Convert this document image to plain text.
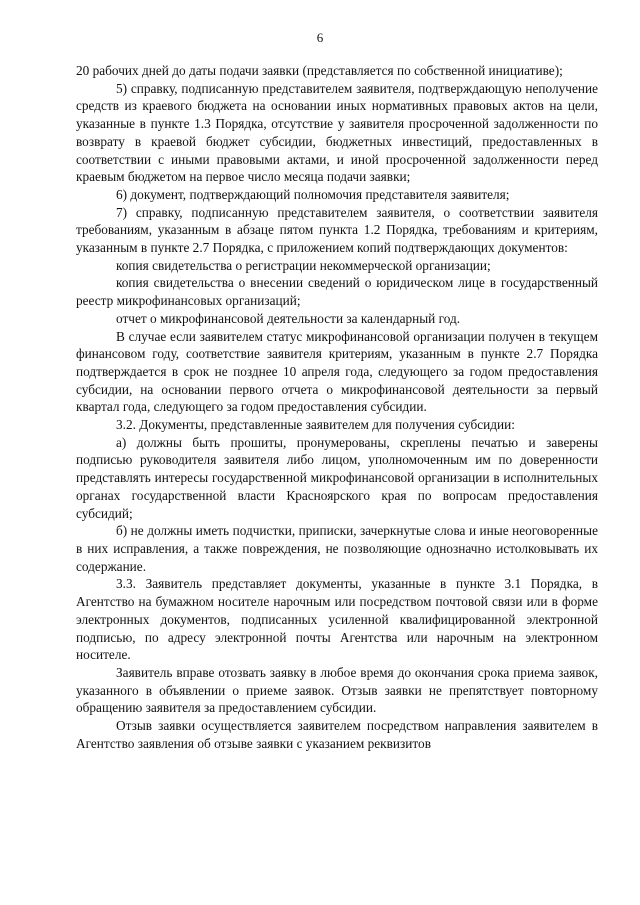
6

20 рабочих дней до даты подачи заявки (представляется по собственной инициативе);

5) справку, подписанную представителем заявителя, подтверждающую неполучение средств из краевого бюджета на основании иных нормативных правовых актов на цели, указанные в пункте 1.3 Порядка, отсутствие у заявителя просроченной задолженности по возврату в краевой бюджет субсидии, бюджетных инвестиций, предоставленных в соответствии с иными правовыми актами, и иной просроченной задолженности перед краевым бюджетом на первое число месяца подачи заявки;

6) документ, подтверждающий полномочия представителя заявителя;

7) справку, подписанную представителем заявителя, о соответствии заявителя требованиям, указанным в абзаце пятом пункта 1.2 Порядка, требованиям и критериям, указанным в пункте 2.7 Порядка, с приложением копий подтверждающих документов:

копия свидетельства о регистрации некоммерческой организации;

копия свидетельства о внесении сведений о юридическом лице в государственный реестр микрофинансовых организаций;

отчет о микрофинансовой деятельности за календарный год.

В случае если заявителем статус микрофинансовой организации получен в текущем финансовом году, соответствие заявителя критериям, указанным в пункте 2.7 Порядка подтверждается в срок не позднее 10 апреля года, следующего за годом предоставления субсидии, на основании первого отчета о микрофинансовой деятельности за первый квартал года, следующего за годом предоставления субсидии.

3.2. Документы, представленные заявителем для получения субсидии:

а) должны быть прошиты, пронумерованы, скреплены печатью и заверены подписью руководителя заявителя либо лицом, уполномоченным им по доверенности представлять интересы государственной микрофинансовой организации в исполнительных органах государственной власти Красноярского края по вопросам предоставления субсидий;

б) не должны иметь подчистки, приписки, зачеркнутые слова и иные неоговоренные в них исправления, а также повреждения, не позволяющие однозначно истолковывать их содержание.

3.3. Заявитель представляет документы, указанные в пункте 3.1 Порядка, в Агентство на бумажном носителе нарочным или посредством почтовой связи или в форме электронных документов, подписанных усиленной квалифицированной электронной подписью, по адресу электронной почты Агентства или нарочным на электронном носителе.

Заявитель вправе отозвать заявку в любое время до окончания срока приема заявок, указанного в объявлении о приеме заявок. Отзыв заявки не препятствует повторному обращению заявителя за предоставлением субсидии.

Отзыв заявки осуществляется заявителем посредством направления заявителем в Агентство заявления об отзыве заявки с указанием реквизитов
